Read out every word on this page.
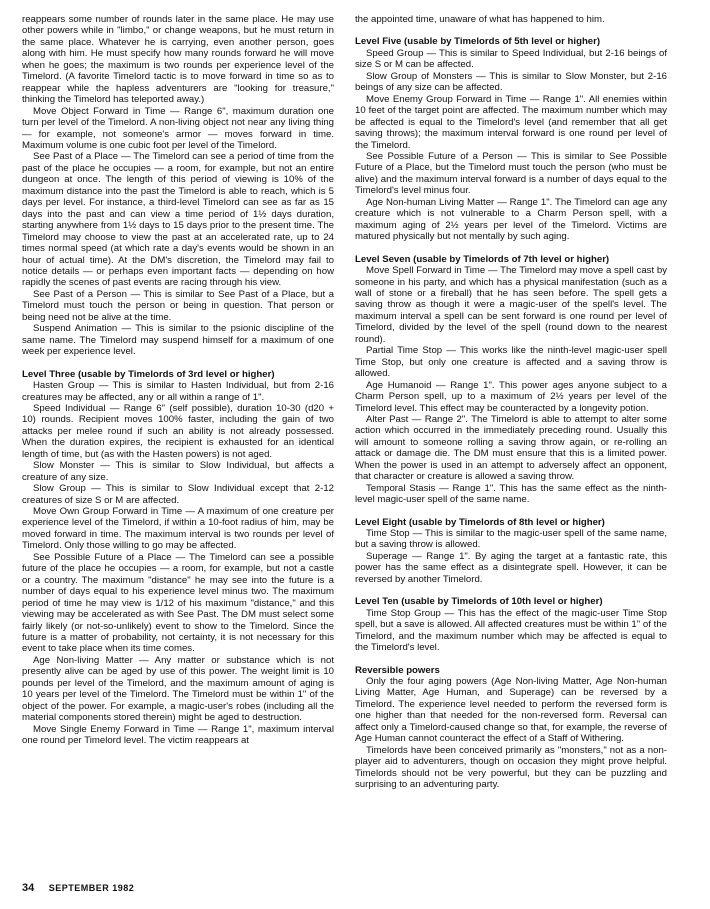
reappears some number of rounds later in the same place. He may use other powers while in "limbo," or change weapons, but he must return in the same place. Whatever he is carrying, even another person, goes along with him. He must specify how many rounds forward he will move when he goes; the maximum is two rounds per experience level of the Timelord. (A favorite Timelord tactic is to move forward in time so as to reappear while the hapless adventurers are "looking for treasure," thinking the Timelord has teleported away.)

Move Object Forward in Time — Range 6", maximum duration one turn per level of the Timelord. A non-living object not near any living thing — for example, not someone's armor — moves forward in time. Maximum volume is one cubic foot per level of the Timelord.

See Past of a Place — The Timelord can see a period of time from the past of the place he occupies — a room, for example, but not an entire dungeon at once. The length of this period of viewing is 10% of the maximum distance into the past the Timelord is able to reach, which is 5 days per level. For instance, a third-level Timelord can see as far as 15 days into the past and can view a time period of 1½ days duration, starting anywhere from 1½ days to 15 days prior to the present time. The Timelord may choose to view the past at an accelerated rate, up to 24 times normal speed (at which rate a day's events would be shown in an hour of actual time). At the DM's discretion, the Timelord may fail to notice details — or perhaps even important facts — depending on how rapidly the scenes of past events are racing through his view.

See Past of a Person — This is similar to See Past of a Place, but a Timelord must touch the person or being in question. That person or being need not be alive at the time.

Suspend Animation — This is similar to the psionic discipline of the same name. The Timelord may suspend himself for a maximum of one week per experience level.

Level Three (usable by Timelords of 3rd level or higher)

Hasten Group — This is similar to Hasten Individual, but from 2-16 creatures may be affected, any or all within a range of 1".

Speed Individual — Range 6" (self possible), duration 10-30 (d20 + 10) rounds. Recipient moves 100% faster, including the gain of two attacks per melee round if such an ability is not already possessed. When the duration expires, the recipient is exhausted for an identical length of time, but (as with the Hasten powers) is not aged.

Slow Monster — This is similar to Slow Individual, but affects a creature of any size.

Slow Group — This is similar to Slow Individual except that 2-12 creatures of size S or M are affected.

Move Own Group Forward in Time — A maximum of one creature per experience level of the Timelord, if within a 10-foot radius of him, may be moved forward in time. The maximum interval is two rounds per level of Timelord. Only those willing to go may be affected.

See Possible Future of a Place — The Timelord can see a possible future of the place he occupies — a room, for example, but not a castle or a country. The maximum "distance" he may see into the future is a number of days equal to his experience level minus two. The maximum period of time he may view is 1/12 of his maximum "distance," and this viewing may be accelerated as with See Past. The DM must select some fairly likely (or not-so-unlikely) event to show to the Timelord. Since the future is a matter of probability, not certainty, it is not necessary for this event to take place when its time comes.

Age Non-living Matter — Any matter or substance which is not presently alive can be aged by use of this power. The weight limit is 10 pounds per level of the Timelord, and the maximum amount of aging is 10 years per level of the Timelord. The Timelord must be within 1" of the object of the power. For example, a magic-user's robes (including all the material components stored therein) might be aged to destruction.

Move Single Enemy Forward in Time — Range 1", maximum interval one round per Timelord level. The victim reappears at

the appointed time, unaware of what has happened to him.

Level Five (usable by Timelords of 5th level or higher)

Speed Group — This is similar to Speed Individual, but 2-16 beings of size S or M can be affected.

Slow Group of Monsters — This is similar to Slow Monster, but 2-16 beings of any size can be affected.

Move Enemy Group Forward in Time — Range 1". All enemies within 10 feet of the target point are affected. The maximum number which may be affected is equal to the Timelord's level (and remember that all get saving throws); the maximum interval forward is one round per level of the Timelord.

See Possible Future of a Person — This is similar to See Possible Future of a Place, but the Timelord must touch the person (who must be alive) and the maximum interval forward is a number of days equal to the Timelord's level minus four.

Age Non-human Living Matter — Range 1". The Timelord can age any creature which is not vulnerable to a Charm Person spell, with a maximum aging of 2½ years per level of the Timelord. Victims are matured physically but not mentally by such aging.

Level Seven (usable by Timelords of 7th level or higher)

Move Spell Forward in Time — The Timelord may move a spell cast by someone in his party, and which has a physical manifestation (such as a wall of stone or a fireball) that he has seen before. The spell gets a saving throw as though it were a magic-user of the spell's level. The maximum interval a spell can be sent forward is one round per level of Timelord, divided by the level of the spell (round down to the nearest round).

Partial Time Stop — This works like the ninth-level magic-user spell Time Stop, but only one creature is affected and a saving throw is allowed.

Age Humanoid — Range 1". This power ages anyone subject to a Charm Person spell, up to a maximum of 2½ years per level of the Timelord level. This effect may be counteracted by a longevity potion.

Alter Past — Range 2". The Timelord is able to attempt to alter some action which occurred in the immediately preceding round. Usually this will amount to someone rolling a saving throw again, or re-rolling an attack or damage die. The DM must ensure that this is a limited power. When the power is used in an attempt to adversely affect an opponent, that character or creature is allowed a saving throw.

Temporal Stasis — Range 1". This has the same effect as the ninth-level magic-user spell of the same name.

Level Eight (usable by Timelords of 8th level or higher)

Time Stop — This is similar to the magic-user spell of the same name, but a saving throw is allowed.

Superage — Range 1". By aging the target at a fantastic rate, this power has the same effect as a disintegrate spell. However, it can be reversed by another Timelord.

Level Ten (usable by Timelords of 10th level or higher)

Time Stop Group — This has the effect of the magic-user Time Stop spell, but a save is allowed. All affected creatures must be within 1" of the Timelord, and the maximum number which may be affected is equal to the Timelord's level.

Reversible powers

Only the four aging powers (Age Non-living Matter, Age Non-human Living Matter, Age Human, and Superage) can be reversed by a Timelord. The experience level needed to perform the reversed form is one higher than that needed for the non-reversed form. Reversal can affect only a Timelord-caused change so that, for example, the reverse of Age Human cannot counteract the effect of a Staff of Withering.

Timelords have been conceived primarily as "monsters," not as a non-player aid to adventurers, though on occasion they might prove helpful. Timelords should not be very powerful, but they can be puzzling and surprising to an adventuring party.

34 SEPTEMBER 1982
